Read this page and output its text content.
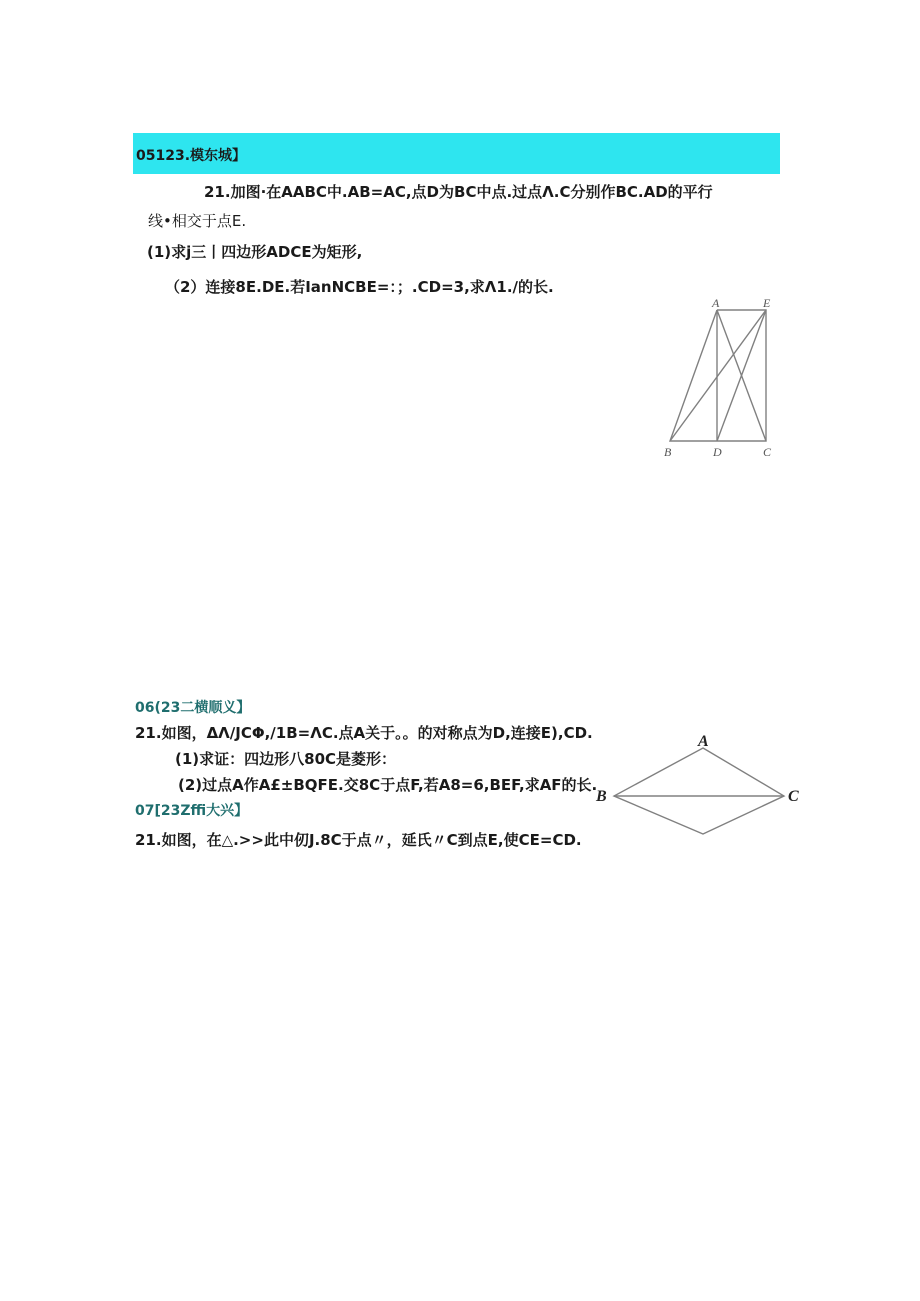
05123.模东城】
21.加图·在AABC中.AB=AC,点D为BC中点.过点Λ.C分别作BC.AD的平行
线•相交于点E.
(1)求j三丨四边形ADCE为矩形,
（2）连接8E.DE.若IanNCBE=：；.CD=3,求Λ1.∕的长.
A	E
B	D	C
06(23二横顺义】
21.如图，ΔΛ∕JCΦ,∕1B=ΛC.点A关于。。的对称点为D,连接E),CD.
(1)求证：四边形八80C是菱形：
(2)过点A作A£±BQFE.交8C于点F,若A8=6,BEF,求AF的长.
A
B	C
07[23Zffi大兴】
21.如图，在△.>>此中仞J.8C于点〃，延氏〃C到点E,使CE=CD.
